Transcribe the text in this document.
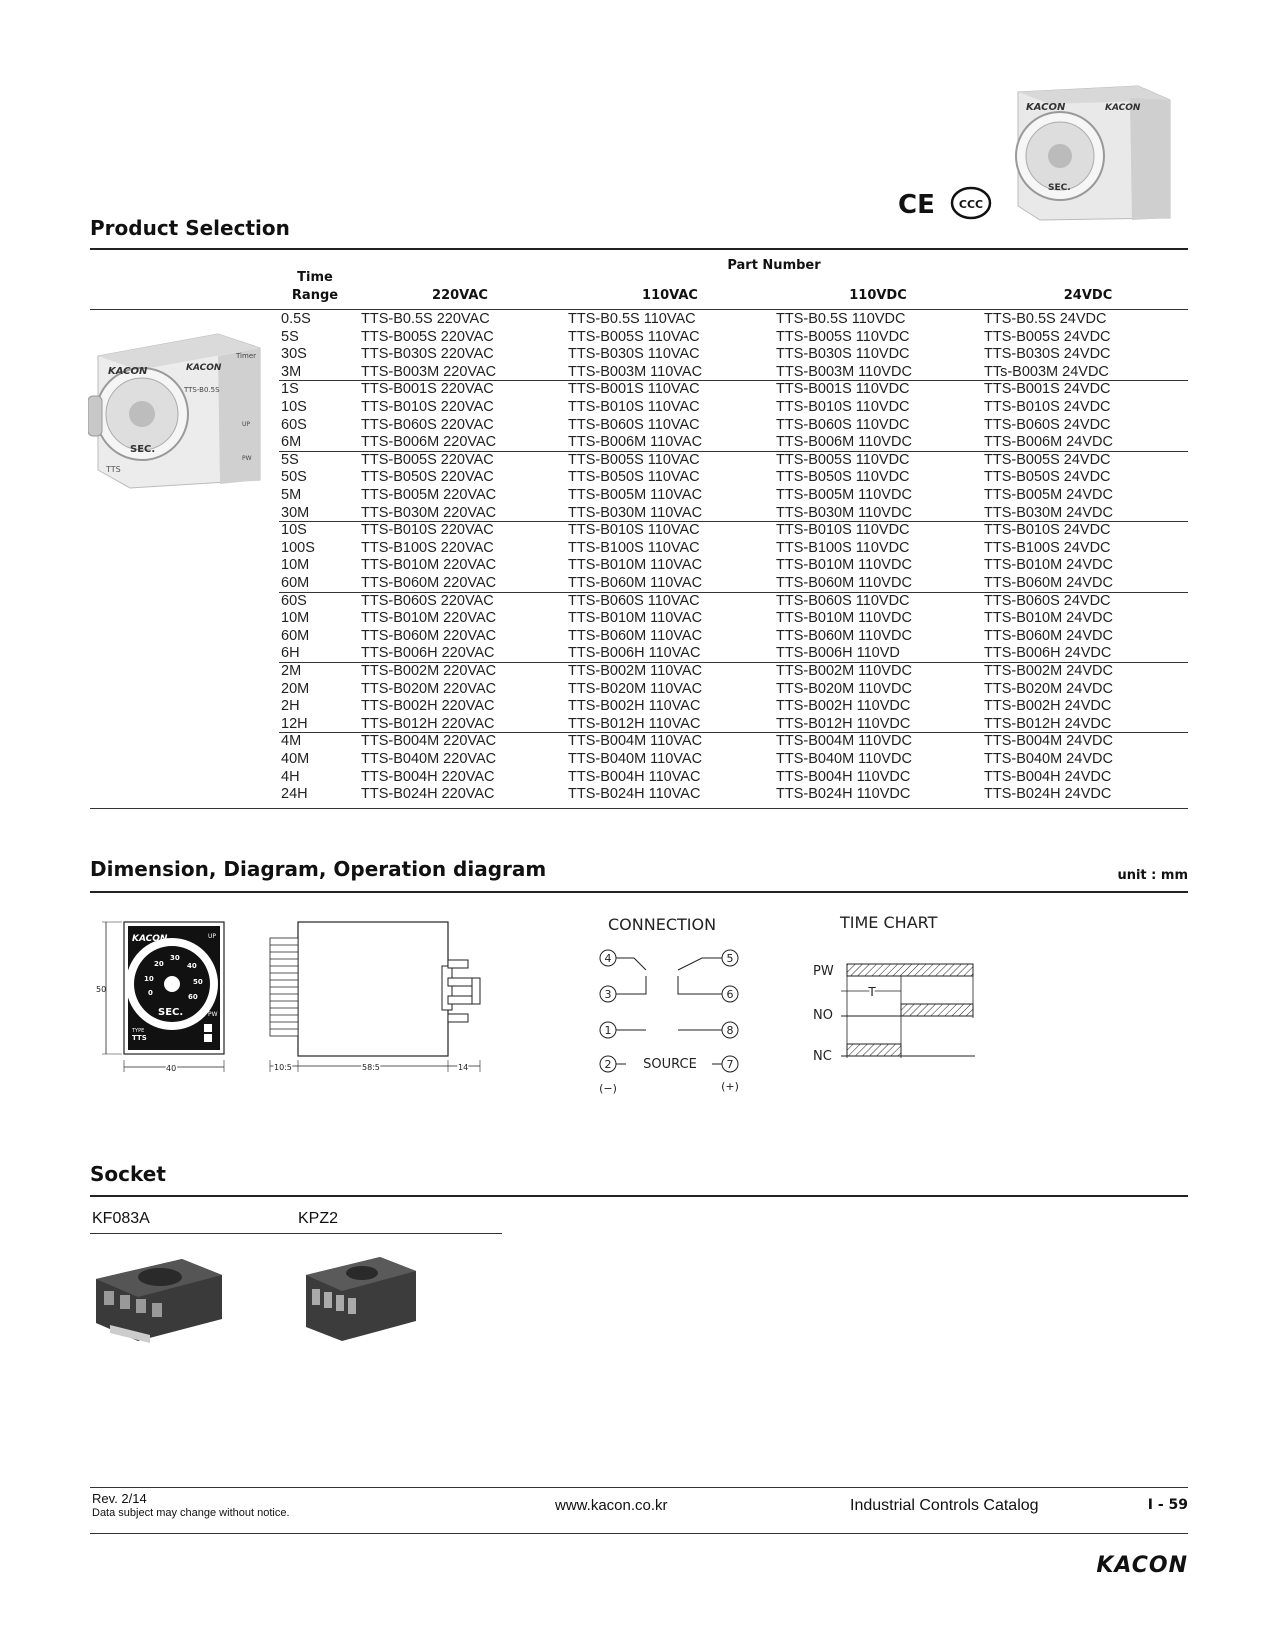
KACON	KACON
SEC.
CE CCC
Product Selection
Part Number
Time
Range	220VAC	110VAC	110VDC	24VDC
KACON	KACON
TTS-B0.5S
Timer
SEC.
TTS
UP
PW
0.5S	TTS-B0.5S 220VAC	TTS-B0.5S 110VAC	TTS-B0.5S 110VDC	TTS-B0.5S 24VDC
5S	TTS-B005S 220VAC	TTS-B005S 110VAC	TTS-B005S 110VDC	TTS-B005S 24VDC
30S	TTS-B030S 220VAC	TTS-B030S 110VAC	TTS-B030S 110VDC	TTS-B030S 24VDC
3M	TTS-B003M 220VAC	TTS-B003M 110VAC	TTS-B003M 110VDC	TTs-B003M 24VDC
1S	TTS-B001S 220VAC	TTS-B001S 110VAC	TTS-B001S 110VDC	TTS-B001S 24VDC
10S	TTS-B010S 220VAC	TTS-B010S 110VAC	TTS-B010S 110VDC	TTS-B010S 24VDC
60S	TTS-B060S 220VAC	TTS-B060S 110VAC	TTS-B060S 110VDC	TTS-B060S 24VDC
6M	TTS-B006M 220VAC	TTS-B006M 110VAC	TTS-B006M 110VDC	TTS-B006M 24VDC
5S	TTS-B005S 220VAC	TTS-B005S 110VAC	TTS-B005S 110VDC	TTS-B005S 24VDC
50S	TTS-B050S 220VAC	TTS-B050S 110VAC	TTS-B050S 110VDC	TTS-B050S 24VDC
5M	TTS-B005M 220VAC	TTS-B005M 110VAC	TTS-B005M 110VDC	TTS-B005M 24VDC
30M	TTS-B030M 220VAC	TTS-B030M 110VAC	TTS-B030M 110VDC	TTS-B030M 24VDC
10S	TTS-B010S 220VAC	TTS-B010S 110VAC	TTS-B010S 110VDC	TTS-B010S 24VDC
100S	TTS-B100S 220VAC	TTS-B100S 110VAC	TTS-B100S 110VDC	TTS-B100S 24VDC
10M	TTS-B010M 220VAC	TTS-B010M 110VAC	TTS-B010M 110VDC	TTS-B010M 24VDC
60M	TTS-B060M 220VAC	TTS-B060M 110VAC	TTS-B060M 110VDC	TTS-B060M 24VDC
60S	TTS-B060S 220VAC	TTS-B060S 110VAC	TTS-B060S 110VDC	TTS-B060S 24VDC
10M	TTS-B010M 220VAC	TTS-B010M 110VAC	TTS-B010M 110VDC	TTS-B010M 24VDC
60M	TTS-B060M 220VAC	TTS-B060M 110VAC	TTS-B060M 110VDC	TTS-B060M 24VDC
6H	TTS-B006H 220VAC	TTS-B006H 110VAC	TTS-B006H 110VD	TTS-B006H 24VDC
2M	TTS-B002M 220VAC	TTS-B002M 110VAC	TTS-B002M 110VDC	TTS-B002M 24VDC
20M	TTS-B020M 220VAC	TTS-B020M 110VAC	TTS-B020M 110VDC	TTS-B020M 24VDC
2H	TTS-B002H 220VAC	TTS-B002H 110VAC	TTS-B002H 110VDC	TTS-B002H 24VDC
12H	TTS-B012H 220VAC	TTS-B012H 110VAC	TTS-B012H 110VDC	TTS-B012H 24VDC
4M	TTS-B004M 220VAC	TTS-B004M 110VAC	TTS-B004M 110VDC	TTS-B004M 24VDC
40M	TTS-B040M 220VAC	TTS-B040M 110VAC	TTS-B040M 110VDC	TTS-B040M 24VDC
4H	TTS-B004H 220VAC	TTS-B004H 110VAC	TTS-B004H 110VDC	TTS-B004H 24VDC
24H	TTS-B024H 220VAC	TTS-B024H 110VAC	TTS-B024H 110VDC	TTS-B024H 24VDC
Dimension, Diagram, Operation diagram	unit : mm
KACON
0
10
20
30
40
50
60
SEC.
TYPE
TTS
UP
PW
50
40	10.5	58.5	14
CONNECTION
4	5
3	6
1	8
2	7
SOURCE
(−)	(+)
TIME CHART
PW
NO
NC
T
Socket
KF083A	KPZ2
Rev. 2/14
Data subject may change without notice.	www.kacon.co.kr	Industrial Controls Catalog	I - 59
KACON
